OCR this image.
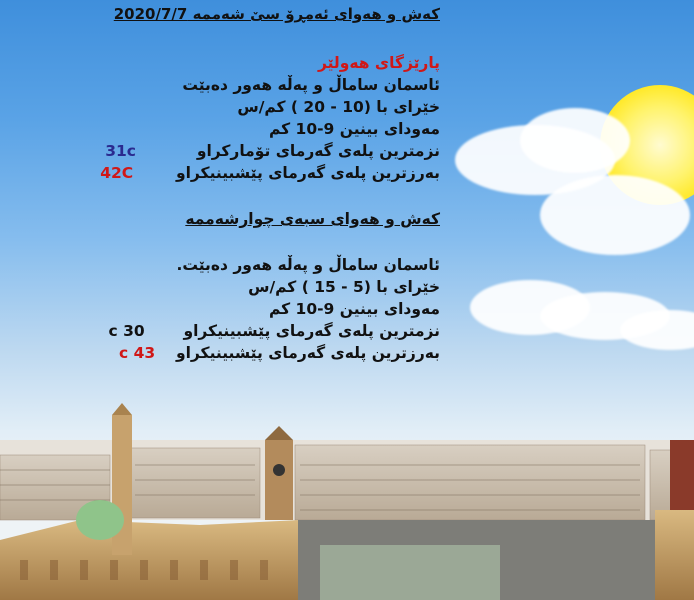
کەش و هەوای ئەمڕۆ سێ شەممە 2020/7/7
پارێزگای هەولێر
ئاسمان ساماڵ و پەڵە هەور دەبێت
خێرای با (10 - 20 ) کم/س
مەودای بینین 9-10 کم
نزمترین پلەی گەرمای تۆمارکراو  31c
بەرزترین پلەی گەرمای پێشبینیکراو  42C
کەش و هەوای سبەی چوارشەممە
ئاسمان ساماڵ و پەڵە هەور دەبێت.
خێرای با (5 - 15 ) کم/س
مەودای بینین 9-10 کم
نزمترین پلەی گەرمای پێشبینیکراو  30 c
بەرزترین پلەی گەرمای پێشبینیکراو  43 c
